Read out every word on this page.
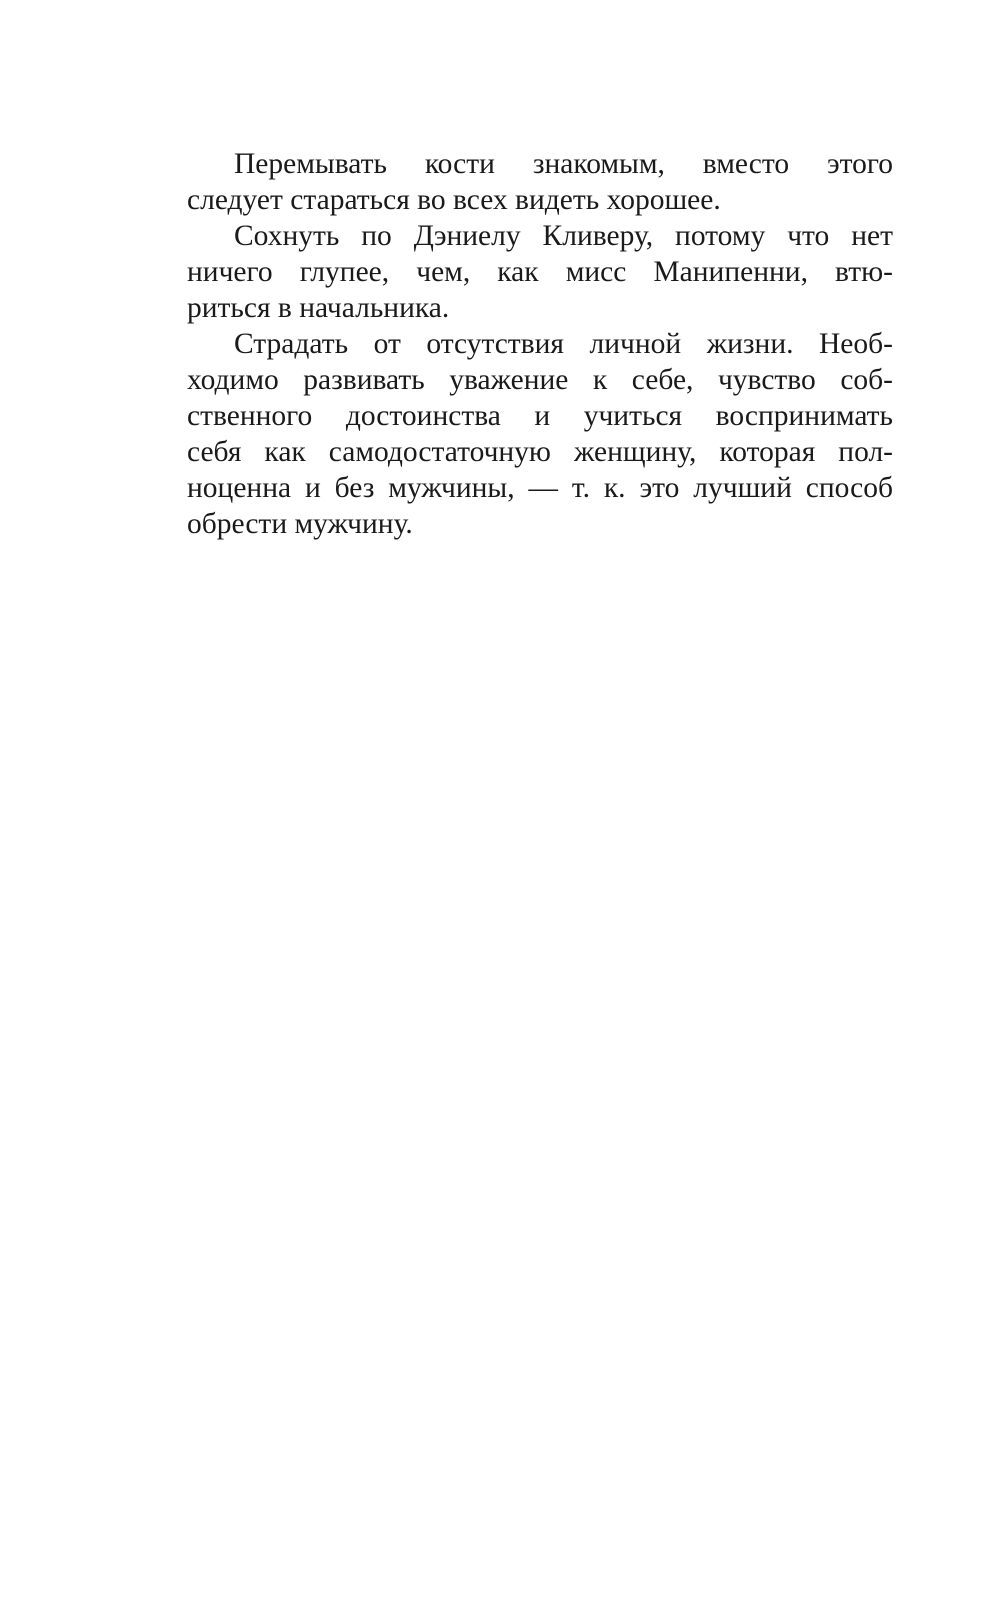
Перемывать кости знакомым, вместо этого
следует стараться во всех видеть хорошее.
Сохнуть по Дэниелу Кливеру, потому что нет
ничего глупее, чем, как мисс Манипенни, втю-
риться в начальника.
Страдать от отсутствия личной жизни. Необ-
ходимо развивать уважение к себе, чувство соб-
ственного достоинства и учиться воспринимать
себя как самодостаточную женщину, которая пол-
ноценна и без мужчины, — т. к. это лучший способ
обрести мужчину.
